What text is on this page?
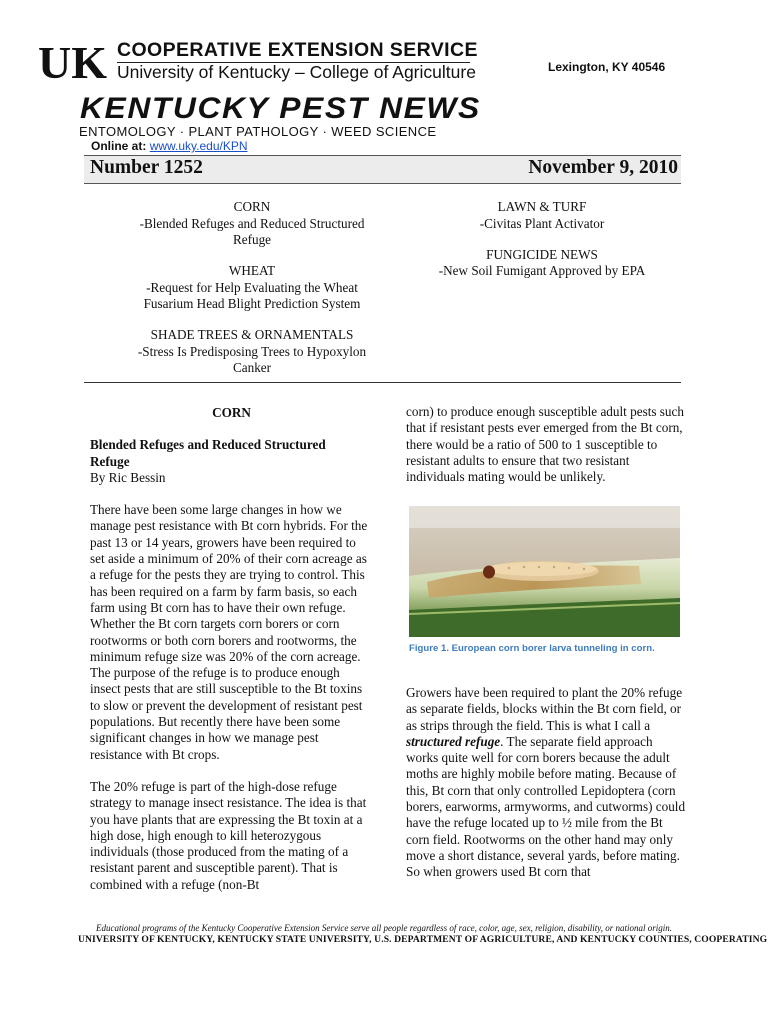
UK COOPERATIVE EXTENSION SERVICE
University of Kentucky – College of Agriculture	Lexington, KY 40546
KENTUCKY PEST NEWS
ENTOMOLOGY · PLANT PATHOLOGY · WEED SCIENCE
Online at: www.uky.edu/KPN
Number 1252	November 9, 2010
CORN
-Blended Refuges and Reduced Structured
Refuge
WHEAT
-Request for Help Evaluating the Wheat
Fusarium Head Blight Prediction System
SHADE TREES & ORNAMENTALS
-Stress Is Predisposing Trees to Hypoxylon
Canker
LAWN & TURF
-Civitas Plant Activator
FUNGICIDE NEWS
-New Soil Fumigant Approved by EPA
CORN
Blended Refuges and Reduced Structured
Refuge
By Ric Bessin
There have been some large changes in how we manage pest resistance with Bt corn hybrids. For the past 13 or 14 years, growers have been required to set aside a minimum of 20% of their corn acreage as a refuge for the pests they are trying to control. This has been required on a farm by farm basis, so each farm using Bt corn has to have their own refuge. Whether the Bt corn targets corn borers or corn rootworms or both corn borers and rootworms, the minimum refuge size was 20% of the corn acreage. The purpose of the refuge is to produce enough insect pests that are still susceptible to the Bt toxins to slow or prevent the development of resistant pest populations. But recently there have been some significant changes in how we manage pest resistance with Bt crops.
The 20% refuge is part of the high-dose refuge strategy to manage insect resistance. The idea is that you have plants that are expressing the Bt toxin at a high dose, high enough to kill heterozygous individuals (those produced from the mating of a resistant parent and susceptible parent). That is combined with a refuge (non-Bt
corn) to produce enough susceptible adult pests such that if resistant pests ever emerged from the Bt corn, there would be a ratio of 500 to 1 susceptible to resistant adults to ensure that two resistant individuals mating would be unlikely.
Figure 1. European corn borer larva tunneling in corn.
Growers have been required to plant the 20% refuge as separate fields, blocks within the Bt corn field, or as strips through the field. This is what I call a structured refuge. The separate field approach works quite well for corn borers because the adult moths are highly mobile before mating. Because of this, Bt corn that only controlled Lepidoptera (corn borers, earworms, armyworms, and cutworms) could have the refuge located up to ½ mile from the Bt corn field. Rootworms on the other hand may only move a short distance, several yards, before mating. So when growers used Bt corn that
Educational programs of the Kentucky Cooperative Extension Service serve all people regardless of race, color, age, sex, religion, disability, or national origin.
UNIVERSITY OF KENTUCKY, KENTUCKY STATE UNIVERSITY, U.S. DEPARTMENT OF AGRICULTURE, AND KENTUCKY COUNTIES, COOPERATING
